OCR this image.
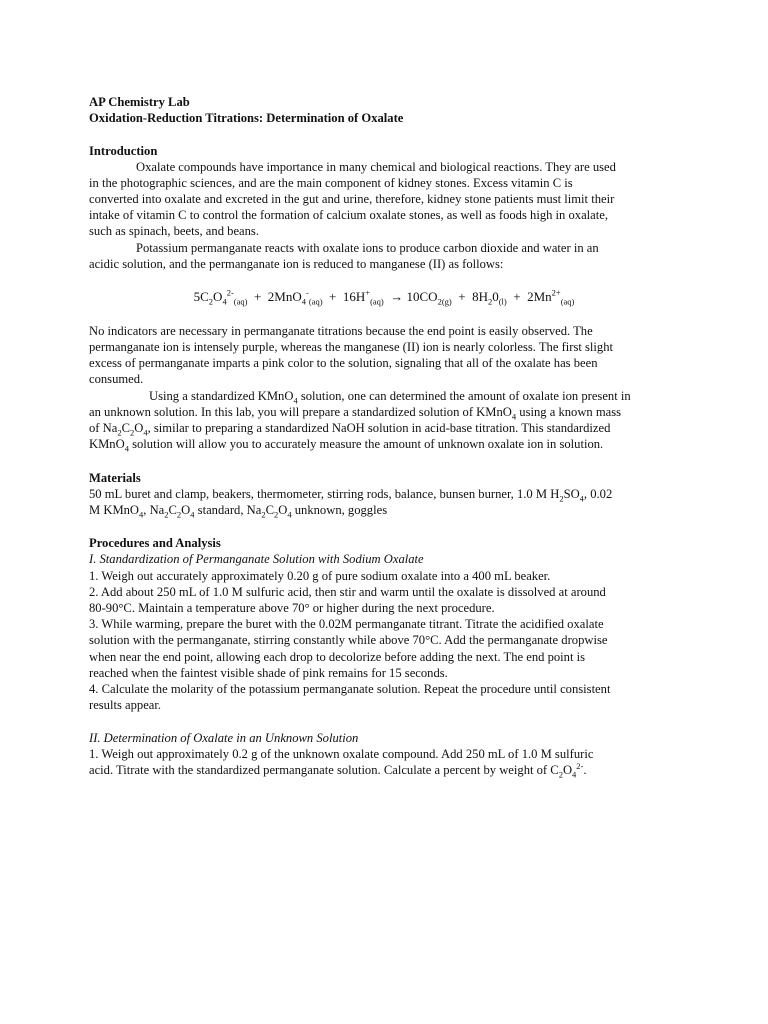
AP Chemistry Lab
Oxidation-Reduction Titrations: Determination of Oxalate
Introduction
Oxalate compounds have importance in many chemical and biological reactions. They are used
in the photographic sciences, and are the main component of kidney stones. Excess vitamin C is
converted into oxalate and excreted in the gut and urine, therefore, kidney stone patients must limit their
intake of vitamin C to control the formation of calcium oxalate stones, as well as foods high in oxalate,
such as spinach, beets, and beans.
Potassium permanganate reacts with oxalate ions to produce carbon dioxide and water in an
acidic solution, and the permanganate ion is reduced to manganese (II) as follows:
$5C_2O_4^{2-}_{(aq)} + 2MnO_4^-_{(aq)} + 16H^+_{(aq)} \to 10CO_{2(g)} + 8H_20_{(l)} + 2Mn^{2+}_{(aq)}$
No indicators are necessary in permanganate titrations because the end point is easily observed. The
permanganate ion is intensely purple, whereas the manganese (II) ion is nearly colorless. The first slight
excess of permanganate imparts a pink color to the solution, signaling that all of the oxalate has been
consumed.
Using a standardized KMnO$_4$ solution, one can determined the amount of oxalate ion present in
an unknown solution. In this lab, you will prepare a standardized solution of KMnO$_4$ using a known mass
of $Na_2C_2O_4$, similar to preparing a standardized NaOH solution in acid-base titration. This standardized
KMnO$_4$ solution will allow you to accurately measure the amount of unknown oxalate ion in solution.
Materials
50 mL buret and clamp, beakers, thermometer, stirring rods, balance, bunsen burner, 1.0 M $H_2SO_4$, 0.02
M KMnO$_4$, $Na_2C_2O_4$ standard, $Na_2C_2O_4$ unknown, goggles
Procedures and Analysis
I. Standardization of Permanganate Solution with Sodium Oxalate
1. Weigh out accurately approximately 0.20 g of pure sodium oxalate into a 400 mL beaker.
2. Add about 250 mL of 1.0 M sulfuric acid, then stir and warm until the oxalate is dissolved at around
80-90°C. Maintain a temperature above 70° or higher during the next procedure.
3. While warming, prepare the buret with the 0.02M permanganate titrant. Titrate the acidified oxalate
solution with the permanganate, stirring constantly while above 70°C. Add the permanganate dropwise
when near the end point, allowing each drop to decolorize before adding the next. The end point is
reached when the faintest visible shade of pink remains for 15 seconds.
4. Calculate the molarity of the potassium permanganate solution. Repeat the procedure until consistent
results appear.
II. Determination of Oxalate in an Unknown Solution
1. Weigh out approximately 0.2 g of the unknown oxalate compound. Add 250 mL of 1.0 M sulfuric
acid. Titrate with the standardized permanganate solution. Calculate a percent by weight of $C_2O_4^{2-}$.
